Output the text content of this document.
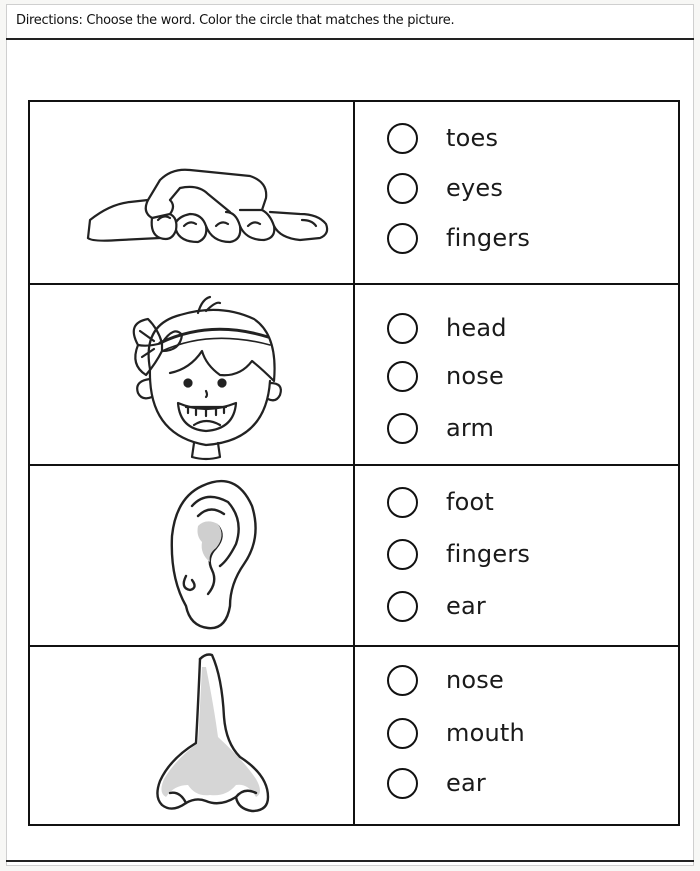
Directions: Choose the word. Color the circle that matches the picture.
toes
eyes
fingers
head
nose
arm
foot
fingers
ear
nose
mouth
ear
